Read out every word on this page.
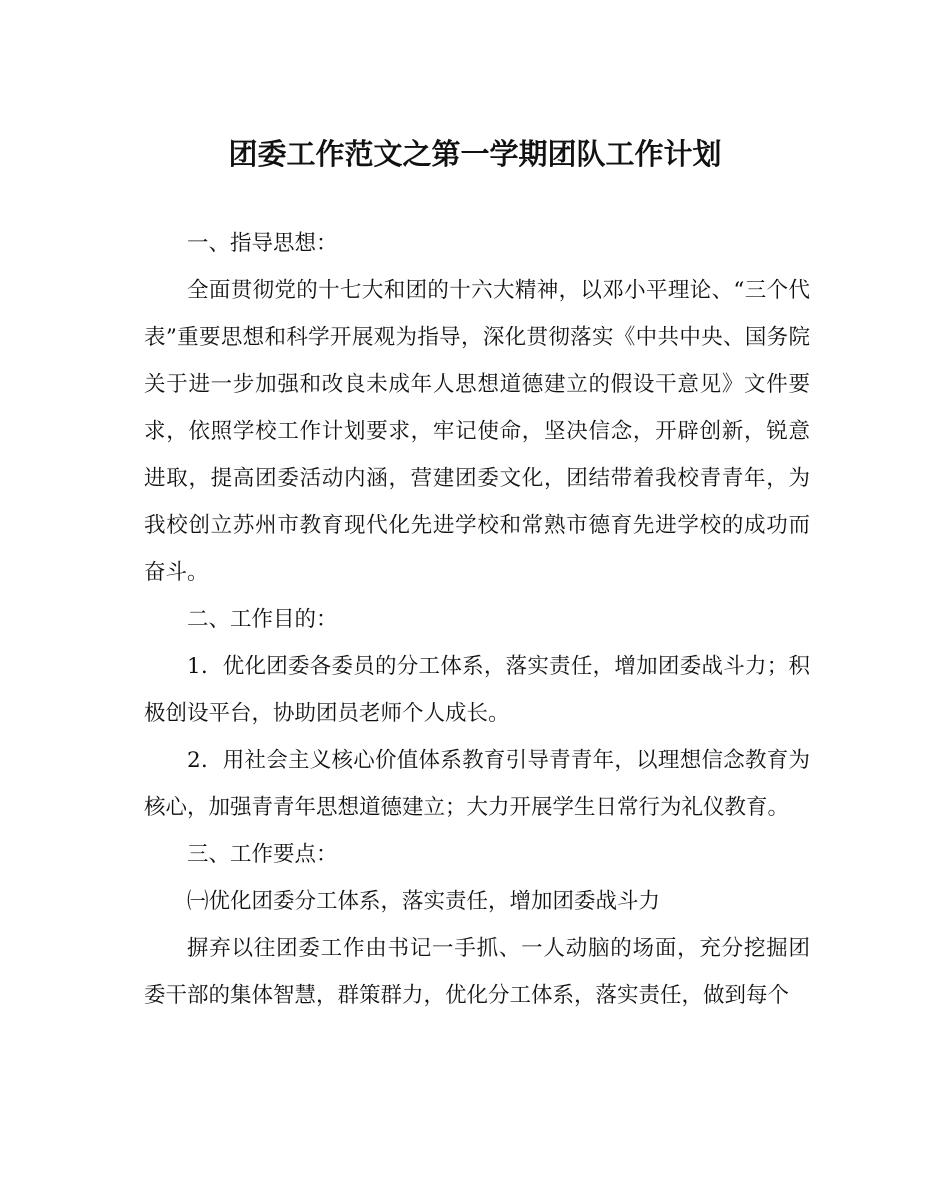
团委工作范文之第一学期团队工作计划

一、指导思想：

全面贯彻党的十七大和团的十六大精神，以邓小平理论、“三个代表”重要思想和科学开展观为指导，深化贯彻落实《中共中央、国务院关于进一步加强和改良未成年人思想道德建立的假设干意见》文件要求，依照学校工作计划要求，牢记使命，坚决信念，开辟创新，锐意进取，提高团委活动内涵，营建团委文化，团结带着我校青青年，为我校创立苏州市教育现代化先进学校和常熟市德育先进学校的成功而奋斗。

二、工作目的：

1．优化团委各委员的分工体系，落实责任，增加团委战斗力；积极创设平台，协助团员老师个人成长。

2．用社会主义核心价值体系教育引导青青年，以理想信念教育为核心，加强青青年思想道德建立；大力开展学生日常行为礼仪教育。

三、工作要点：

㈠优化团委分工体系，落实责任，增加团委战斗力

摒弃以往团委工作由书记一手抓、一人动脑的场面，充分挖掘团委干部的集体智慧，群策群力，优化分工体系，落实责任，做到每个
